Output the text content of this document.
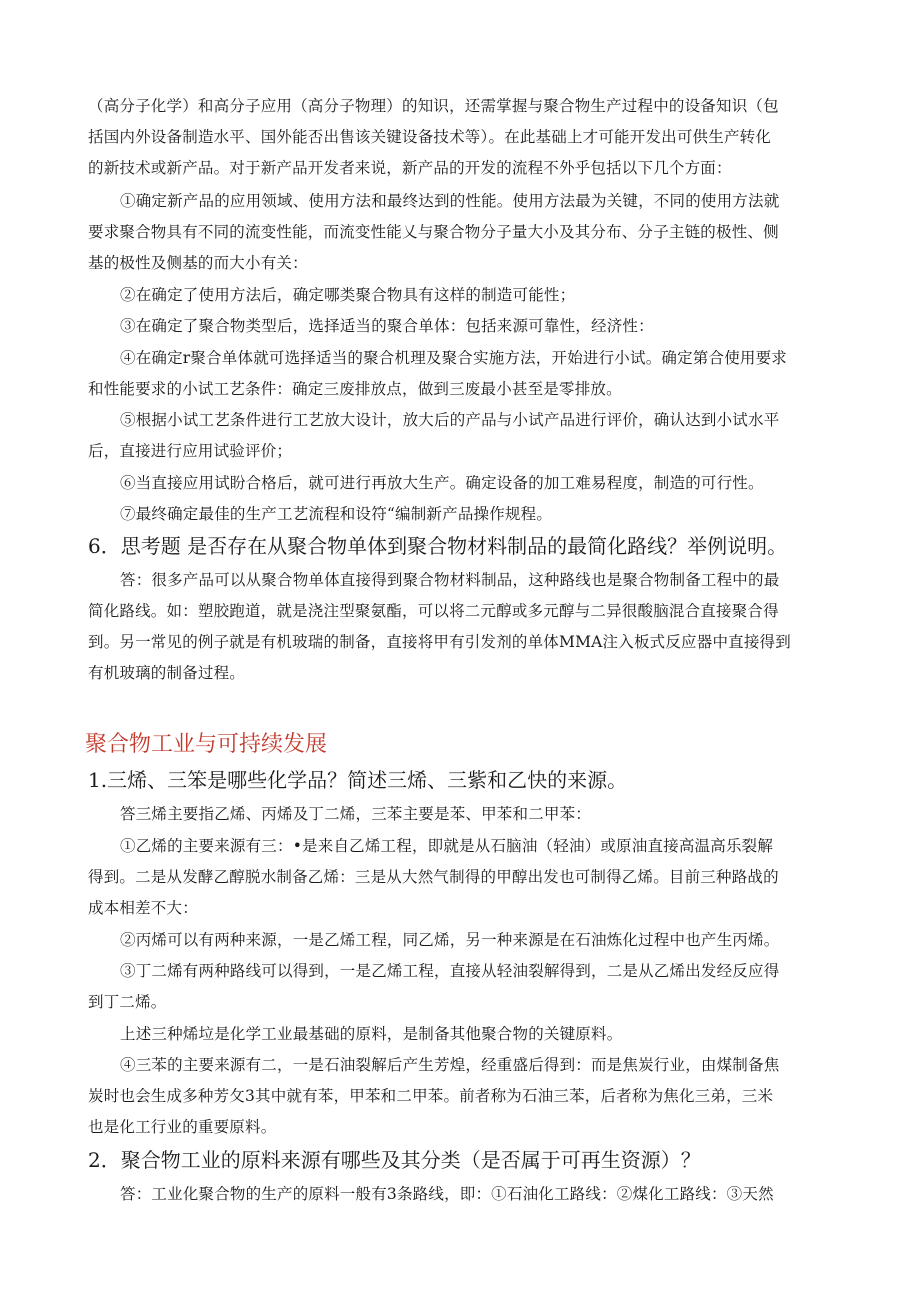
（高分子化学）和高分子应用（高分子物理）的知识，还需掌握与聚合物生产过程中的设备知识（包
括国内外设备制造水平、国外能否出售该关键设备技术等）。在此基础上才可能开发出可供生产转化
的新技术或新产品。对于新产品开发者来说，新产品的开发的流程不外乎包括以下几个方面：
①确定新产品的应用领域、使用方法和最终达到的性能。使用方法最为关键，不同的使用方法就
要求聚合物具有不同的流变性能，而流变性能乂与聚合物分子量大小及其分布、分子主链的极性、侧
基的极性及侧基的而大小有关：
②在确定了使用方法后，确定哪类聚合物具有这样的制造可能性；
③在确定了聚合物类型后，选择适当的聚合单体：包括来源可靠性，经济性：
④在确定r聚合单体就可选择适当的聚合机理及聚合实施方法，开始进行小试。确定第合使用要求
和性能要求的小试工艺条件：确定三废排放点，做到三废最小甚至是零排放。
⑤根据小试工艺条件进行工艺放大设计，放大后的产品与小试产品进行评价，确认达到小试水平
后，直接进行应用试验评价；
⑥当直接应用试盼合格后，就可进行再放大生产。确定设备的加工难易程度，制造的可行性。
⑦最终确定最佳的生产工艺流程和设符“编制新产品操作规程。
6．思考题 是否存在从聚合物单体到聚合物材料制品的最简化路线？举例说明。
答：很多产品可以从聚合物单体直接得到聚合物材料制品，这种路线也是聚合物制备工程中的最
简化路线。如：塑胶跑道，就是浇注型聚氨酯，可以将二元醇或多元醇与二异很酸脑混合直接聚合得
到。另一常见的例子就是有机玻瑞的制备，直接将甲有引发剂的单体MMA注入板式反应器中直接得到
有机玻璃的制备过程。
聚合物工业与可持续发展
1.三烯、三笨是哪些化学品？简述三烯、三紫和乙快的来源。
答三烯主要指乙烯、丙烯及丁二烯，三苯主要是苯、甲苯和二甲苯：
①乙烯的主要来源有三：•是来自乙烯工程，即就是从石脑油（轻油）或原油直接高温高乐裂解
得到。二是从发酵乙醇脱水制备乙烯：三是从大然气制得的甲醇出发也可制得乙烯。目前三种路战的
成本相差不大：
②丙烯可以有两种来源，一是乙烯工程，同乙烯，另一种来源是在石油炼化过程中也产生丙烯。
③丁二烯有两种路线可以得到，一是乙烯工程，直接从轻油裂解得到，二是从乙烯出发经反应得
到丁二烯。
上述三种烯垃是化学工业最基础的原料，是制备其他聚合物的关键原料。
④三苯的主要来源有二，一是石油裂解后产生芳煌，经重盛后得到：而是焦炭行业，由煤制备焦
炭时也会生成多种芳攵3其中就有苯，甲苯和二甲苯。前者称为石油三苯，后者称为焦化三弟，三米
也是化工行业的重要原料。
2．聚合物工业的原料来源有哪些及其分类（是否属于可再生资源）？
答：工业化聚合物的生产的原料一般有3条路线，即：①石油化工路线：②煤化工路线：③天然
